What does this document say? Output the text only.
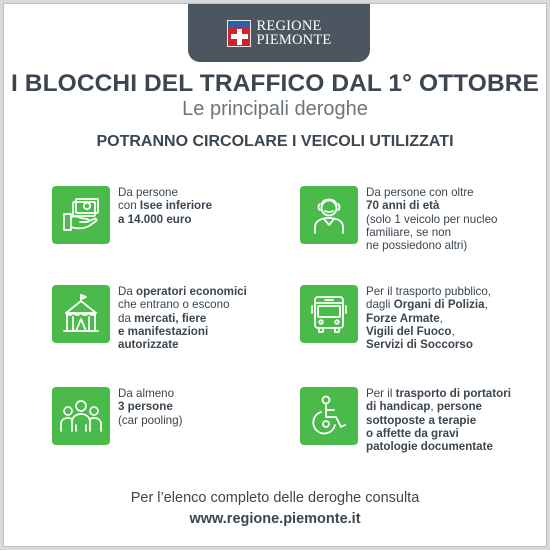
REGIONE
PIEMONTE
I BLOCCHI DEL TRAFFICO DAL 1° OTTOBRE
Le principali deroghe
POTRANNO CIRCOLARE I VEICOLI UTILIZZATI
Da persone
con Isee inferiore
a 14.000 euro
Da persone con oltre
70 anni di età
(solo 1 veicolo per nucleo
familiare, se non
ne possiedono altri)
Da operatori economici
che entrano o escono
da mercati, fiere
e manifestazioni
autorizzate
Per il trasporto pubblico,
dagli Organi di Polizia,
Forze Armate,
Vigili del Fuoco,
Servizi di Soccorso
Da almeno
3 persone
(car pooling)
Per il trasporto di portatori
di handicap, persone
sottoposte a terapie
o affette da gravi
patologie documentate
Per l’elenco completo delle deroghe consulta
www.regione.piemonte.it
